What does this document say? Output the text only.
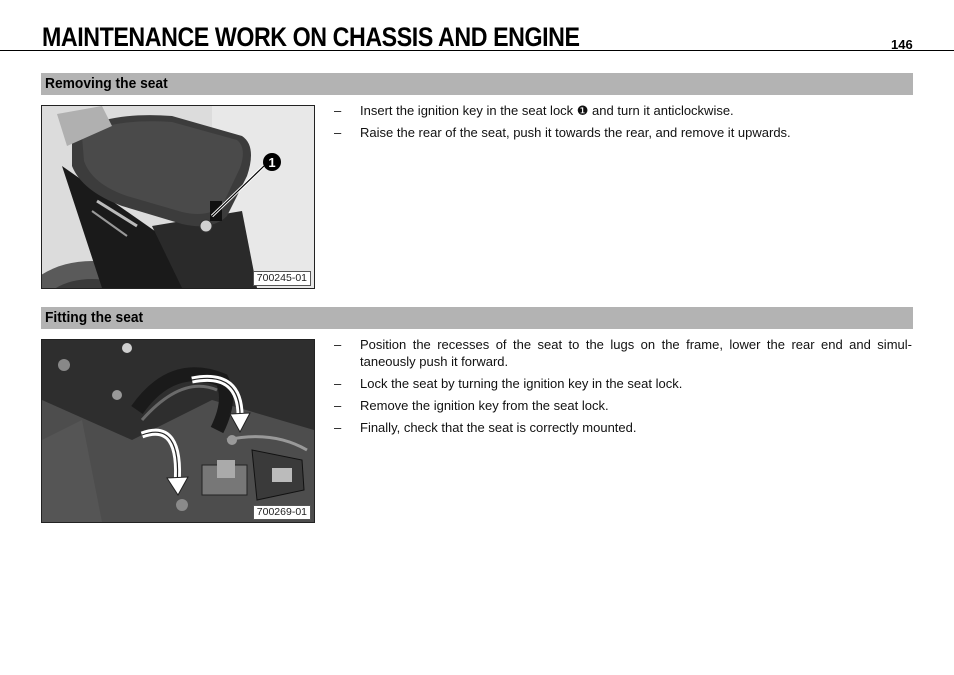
MAINTENANCE WORK ON CHASSIS AND ENGINE	146
Removing the seat
1
700245-01
– Insert the ignition key in the seat lock ❶ and turn it anticlockwise.
– Raise the rear of the seat, push it towards the rear, and remove it upwards.
Fitting the seat
700269-01
– Position the recesses of the seat to the lugs on the frame, lower the rear end and simultaneously push it forward.
– Lock the seat by turning the ignition key in the seat lock.
– Remove the ignition key from the seat lock.
– Finally, check that the seat is correctly mounted.
